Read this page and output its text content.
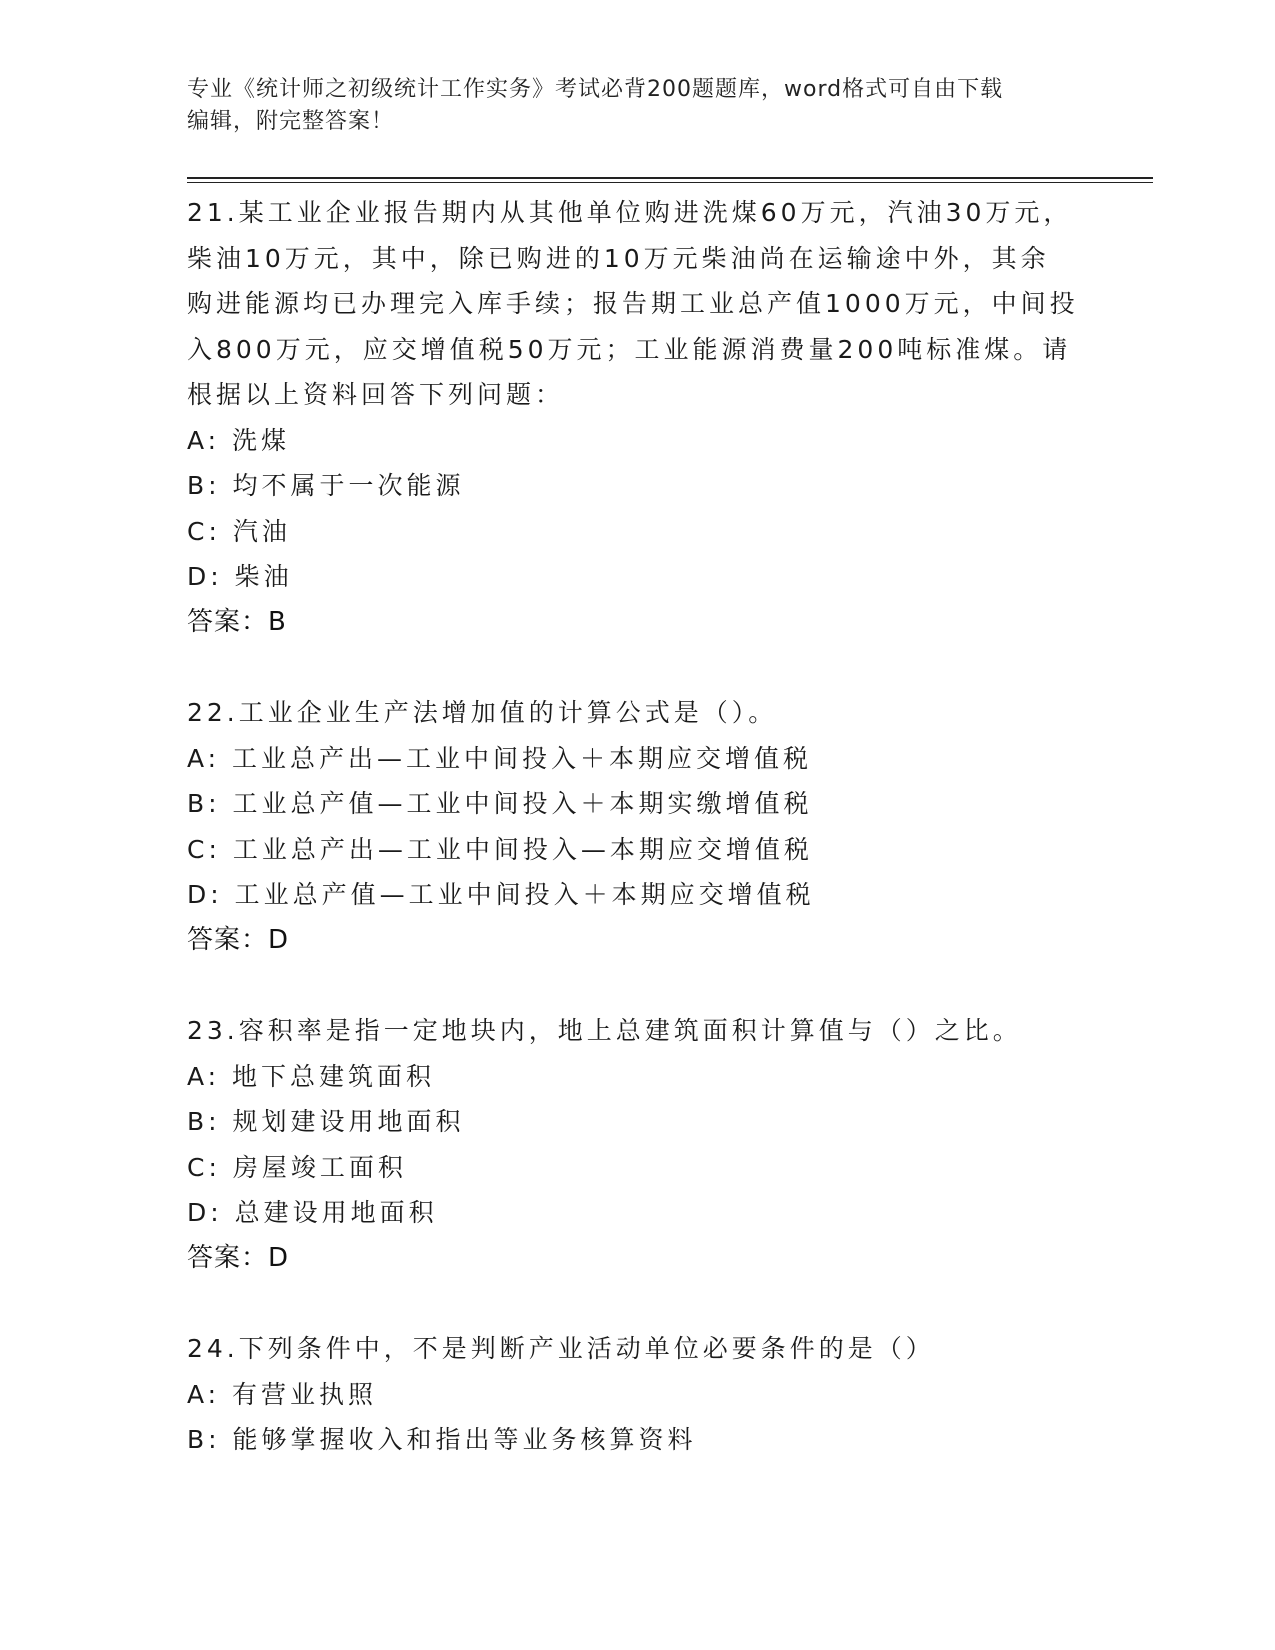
专业《统计师之初级统计工作实务》考试必背200题题库，word格式可自由下载
编辑，附完整答案！
21.某工业企业报告期内从其他单位购进洗煤60万元，汽油30万元，
柴油10万元，其中，除已购进的10万元柴油尚在运输途中外，其余
购进能源均已办理完入库手续；报告期工业总产值1000万元，中间投
入800万元，应交增值税50万元；工业能源消费量200吨标准煤。请
根据以上资料回答下列问题：
A: 洗煤
B: 均不属于一次能源
C: 汽油
D: 柴油
答案：B
22.工业企业生产法增加值的计算公式是（）。
A: 工业总产出—工业中间投入＋本期应交增值税
B: 工业总产值—工业中间投入＋本期实缴增值税
C: 工业总产出—工业中间投入—本期应交增值税
D: 工业总产值—工业中间投入＋本期应交增值税
答案：D
23.容积率是指一定地块内，地上总建筑面积计算值与（）之比。
A: 地下总建筑面积
B: 规划建设用地面积
C: 房屋竣工面积
D: 总建设用地面积
答案：D
24.下列条件中，不是判断产业活动单位必要条件的是（）
A: 有营业执照
B: 能够掌握收入和指出等业务核算资料
